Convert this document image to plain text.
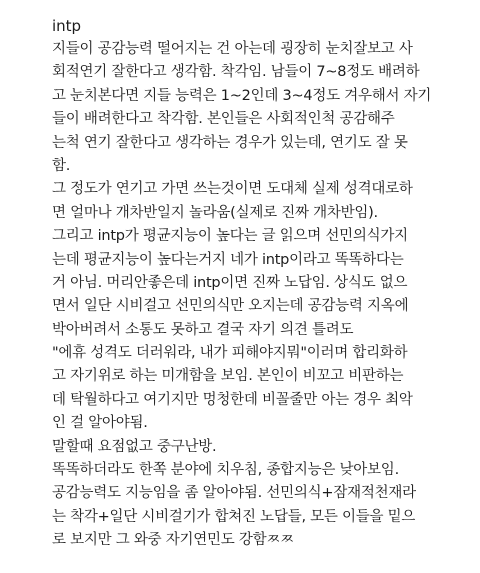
intp
지들이 공감능력 떨어지는 건 아는데 굉장히 눈치잘보고 사
회적연기 잘한다고 생각함. 착각임. 남들이 7~8정도 배려하
고 눈치본다면 지들 능력은 1~2인데 3~4정도 겨우해서 자기
들이 배려한다고 착각함. 본인들은 사회적인척 공감해주
는척 연기 잘한다고 생각하는 경우가 있는데, 연기도 잘 못
함.
그 정도가 연기고 가면 쓰는것이면 도대체 실제 성격대로하
면 얼마나 개차반일지 놀라움(실제로 진짜 개차반임).
그리고 intp가 평균지능이 높다는 글 읽으며 선민의식가지
는데 평균지능이 높다는거지 네가 intp이라고 똑똑하다는
거 아님. 머리안좋은데 intp이면 진짜 노답임. 상식도 없으
면서 일단 시비걸고 선민의식만 오지는데 공감능력 지옥에
박아버려서 소통도 못하고 결국 자기 의견 틀려도
"에휴 성격도 더러워라, 내가 피해야지뭐"이러며 합리화하
고 자기위로 하는 미개함을 보임. 본인이 비꼬고 비판하는
데 탁월하다고 여기지만 멍청한데 비꼴줄만 아는 경우 최악
인 걸 알아야됨.
말할때 요점없고 중구난방.
똑똑하더라도 한쪽 분야에 치우침, 종합지능은 낮아보임.
공감능력도 지능임을 좀 알아야됨. 선민의식+잠재적천재라
는 착각+일단 시비걸기가 합쳐진 노답들, 모든 이들을 밑으
로 보지만 그 와중 자기연민도 강함ㅉㅉ
